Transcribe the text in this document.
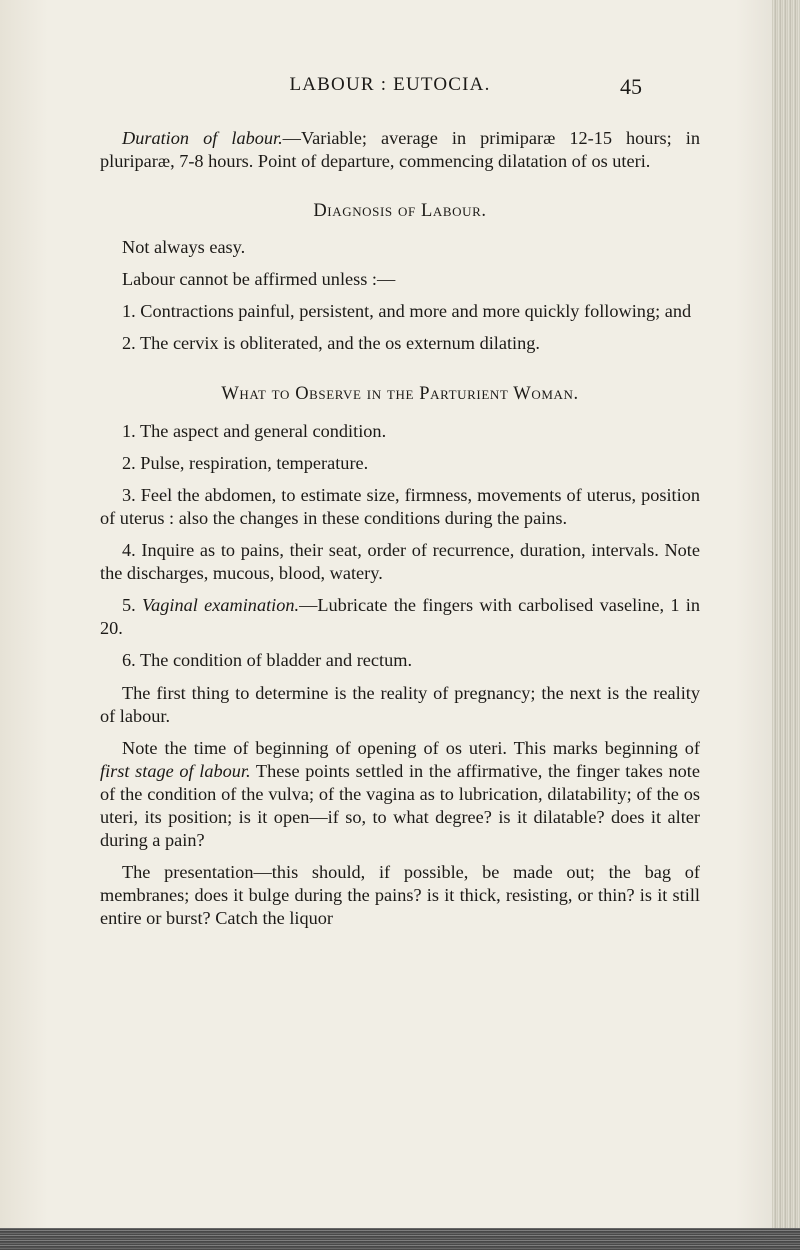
LABOUR : EUTOCIA.	45

Duration of labour.—Variable; average in primiparæ 12-15 hours; in pluriparæ, 7-8 hours. Point of departure, commencing dilatation of os uteri.

Diagnosis of Labour.

Not always easy.

Labour cannot be affirmed unless :—

1. Contractions painful, persistent, and more and more quickly following; and

2. The cervix is obliterated, and the os externum dilating.

What to Observe in the Parturient Woman.

1. The aspect and general condition.

2. Pulse, respiration, temperature.

3. Feel the abdomen, to estimate size, firmness, movements of uterus, position of uterus : also the changes in these conditions during the pains.

4. Inquire as to pains, their seat, order of recurrence, duration, intervals. Note the discharges, mucous, blood, watery.

5. Vaginal examination.—Lubricate the fingers with carbolised vaseline, 1 in 20.

6. The condition of bladder and rectum.

The first thing to determine is the reality of pregnancy; the next is the reality of labour.

Note the time of beginning of opening of os uteri. This marks beginning of first stage of labour. These points settled in the affirmative, the finger takes note of the condition of the vulva; of the vagina as to lubrication, dilatability; of the os uteri, its position; is it open—if so, to what degree? is it dilatable? does it alter during a pain?

The presentation—this should, if possible, be made out; the bag of membranes; does it bulge during the pains? is it thick, resisting, or thin? is it still entire or burst? Catch the liquor
